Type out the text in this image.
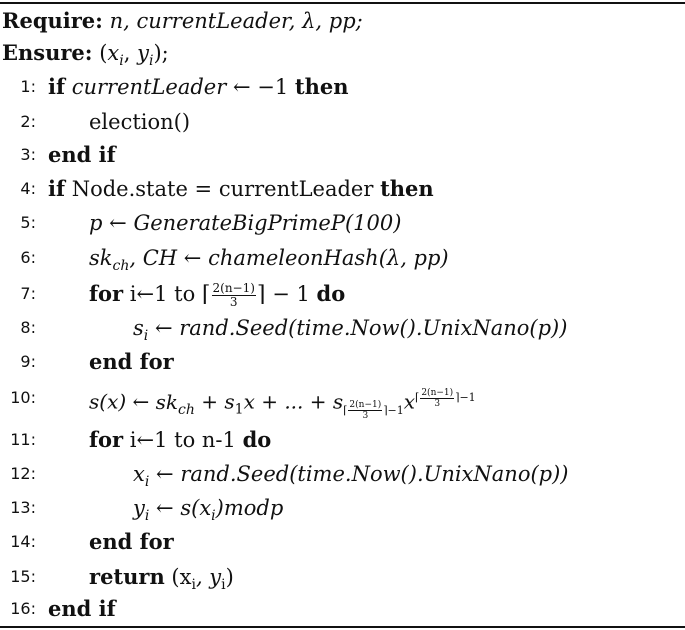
Require: n, currentLeader, λ, pp;
Ensure: ($x_i$, $y_i$);
1: if currentLeader ← −1 then
2:	election()
3: end if
4: if Node.state = currentLeader then
5:	p ← GenerateBigPrimeP(100)
6:	$sk_{ch}$, CH ← chameleonHash(λ, pp)
7:	for i←1 to ⌈ $\frac{2(n-1)}{3}$ ⌉ − 1 do
8:	$s_i$ ← rand.Seed(time.Now().UnixNano(p))
9:	end for
10:	s(x) ← $sk_{ch} + s_1x$ + ... + $s_{⌈ \frac{2(n-1)}{3} ⌉-1}x^{⌈ \frac{2(n-1)}{3} ⌉-1}$
11:	for i←1 to n-1 do
12:	$x_i$ ← rand.Seed(time.Now().UnixNano(p))
13:	$y_i$ ← $s(x_i)modp$
14:	end for
15:	return ($x_i$, $y_i$)
16: end if
